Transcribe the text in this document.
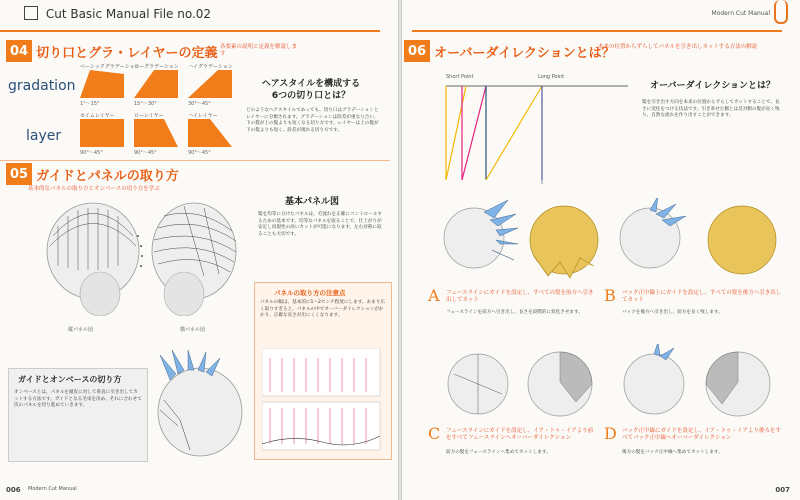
Cut Basic Manual File no.02
04 切り口とグラ・レイヤーの定義 各要素の説明と定義を解説します
gradation
layer
ベーシックグラデーション
1°〜15°
ローグラデーション
15°〜30°
ハイグラデーション
30°〜45°
セイムレイヤー
90°〜45°
ローレイヤー
90°〜45°
ハイレイヤー
90°〜45°
ヘアスタイルを構成する
6つの切り口とは？
どのようなヘアスタイルであっても、切り口はグラデーションとレイヤーに分類されます。グラデーションは段差が重なり合い、下の髪が上の髪よりも短くなる切り方です。レイヤーは上の髪が下の髪よりも短く、段差が現れる切り方です。
05 ガイドとパネルの取り方
基本的なパネルの取り方とオンベースの切り方を学ぶ
縦パネル図	横パネル図
基本パネル図
髪を均等に分けたパネルは、毛流れを正確にコントロールするための基本です。均等なパネルを取ることで、仕上がりが安定し再現性の高いカットが可能になります。左右対称に取ることも大切です。
パネルの取り方の注意点
パネルの幅は、基本的に1〜2センチ程度にします。あまり広く取りすぎると、パネルの中でオーバーダイレクションがかかり、正確な長さが出にくくなります。
ガイドとオンベースの切り方
オンベースとは、パネルを頭皮に対して垂直に引き出してカットする方法です。ガイドとなる毛束を決め、それに合わせて次のパネルを切り進めていきます。
006 Modern Cut Manual
Modern Cut Manual
06 オーバーダイレクションとは？
本来の位置からずらしてパネルを引き出しカットする方法の解説
Short Point	Long Point
オーバーダイレクションとは？
髪を引き出す方向を本来の位置からずらしてカットすることで、長さに変化をつける技法です。引き寄せた側とは反対側の髪が長く残り、自然な流れを作り出すことができます。
A フェースラインにガイドを設定し、すべての髪を前方へ引き出してカット
フェースラインを前方へ引き出し、長さを段階的に変化させます。
B バック正中線上にガイドを設定し、すべての髪を後方へ引き出してカット
バックを後方へ引き出し、前方を長く残します。
C フェースラインにガイドを設定し、イア・トゥ・イアより前をすべてフェースラインへオーバーダイレクション
前方の髪をフェースラインへ集めてカットします。
D バック正中線にガイドを設定し、イア・トゥ・イアより後ろをすべてバック正中線へオーバーダイレクション
後方の髪をバック正中線へ集めてカットします。
007
